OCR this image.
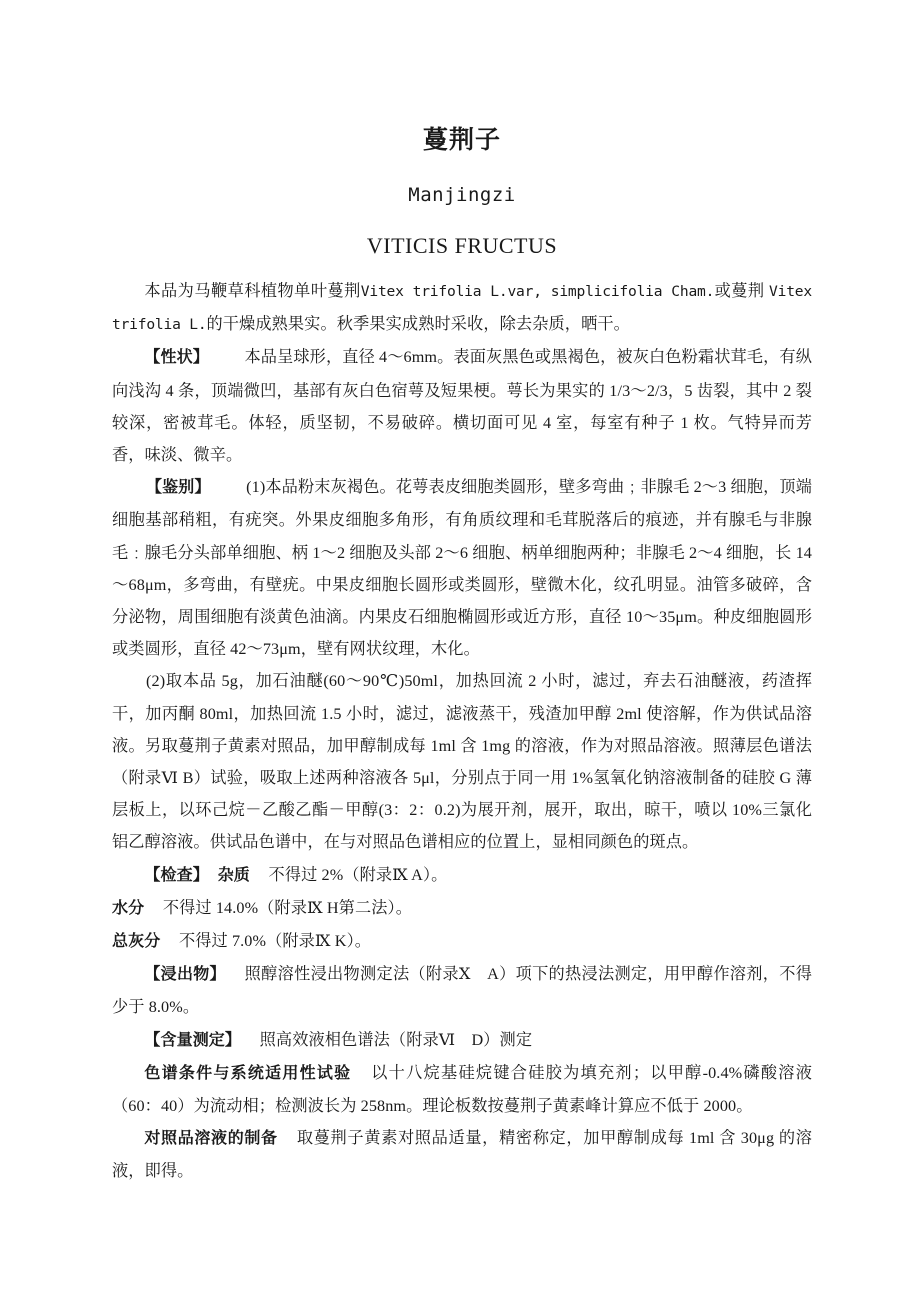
蔓荆子
Manjingzi
VITICIS FRUCTUS

本品为马鞭草科植物单叶蔓荆Vitex trifolia L.var, simplicifolia Cham.或蔓荆 Vitex trifolia L.的干燥成熟果实。秋季果实成熟时采收，除去杂质，晒干。

【性状】 本品呈球形，直径 4～6mm。表面灰黑色或黑褐色，被灰白色粉霜状茸毛，有纵向浅沟 4 条，顶端微凹，基部有灰白色宿萼及短果梗。萼长为果实的 1/3～2/3，5 齿裂，其中 2 裂较深，密被茸毛。体轻，质坚韧，不易破碎。横切面可见 4 室，每室有种子 1 枚。气特异而芳香，味淡、微辛。

【鉴别】 (1)本品粉末灰褐色。花萼表皮细胞类圆形，壁多弯曲﹔非腺毛 2～3 细胞，顶端细胞基部稍粗，有疣突。外果皮细胞多角形，有角质纹理和毛茸脱落后的痕迹，并有腺毛与非腺毛﹕腺毛分头部单细胞、柄 1～2 细胞及头部 2～6 细胞、柄单细胞两种；非腺毛 2～4 细胞，长 14～68μm，多弯曲，有壁疣。中果皮细胞长圆形或类圆形，壁微木化，纹孔明显。油管多破碎，含分泌物，周围细胞有淡黄色油滴。内果皮石细胞椭圆形或近方形，直径 10～35μm。种皮细胞圆形或类圆形，直径 42～73μm，壁有网状纹理，木化。

(2)取本品 5g，加石油醚(60～90℃)50ml，加热回流 2 小时，滤过，弃去石油醚液，药渣挥干，加丙酮 80ml，加热回流 1.5 小时，滤过，滤液蒸干，残渣加甲醇 2ml 使溶解，作为供试品溶液。另取蔓荆子黄素对照品，加甲醇制成每 1ml 含 1mg 的溶液，作为对照品溶液。照薄层色谱法（附录Ⅵ B）试验，吸取上述两种溶液各 5μl，分别点于同一用 1%氢氧化钠溶液制备的硅胶 G 薄层板上，以环己烷－乙酸乙酯－甲醇(3：2：0.2)为展开剂，展开，取出，晾干，喷以 10%三氯化铝乙醇溶液。供试品色谱中，在与对照品色谱相应的位置上，显相同颜色的斑点。

【检查】 杂质 不得过 2%（附录Ⅸ A）。

水分 不得过 14.0%（附录Ⅸ H第二法）。

总灰分 不得过 7.0%（附录Ⅸ K）。

【浸出物】 照醇溶性浸出物测定法（附录Ⅹ　A）项下的热浸法测定，用甲醇作溶剂，不得少于 8.0%。

【含量测定】 照高效液相色谱法（附录Ⅵ　D）测定

色谱条件与系统适用性试验 以十八烷基硅烷键合硅胶为填充剂；以甲醇-0.4%磷酸溶液（60：40）为流动相；检测波长为 258nm。理论板数按蔓荆子黄素峰计算应不低于 2000。

对照品溶液的制备 取蔓荆子黄素对照品适量，精密称定，加甲醇制成每 1ml 含 30μg 的溶液，即得。
